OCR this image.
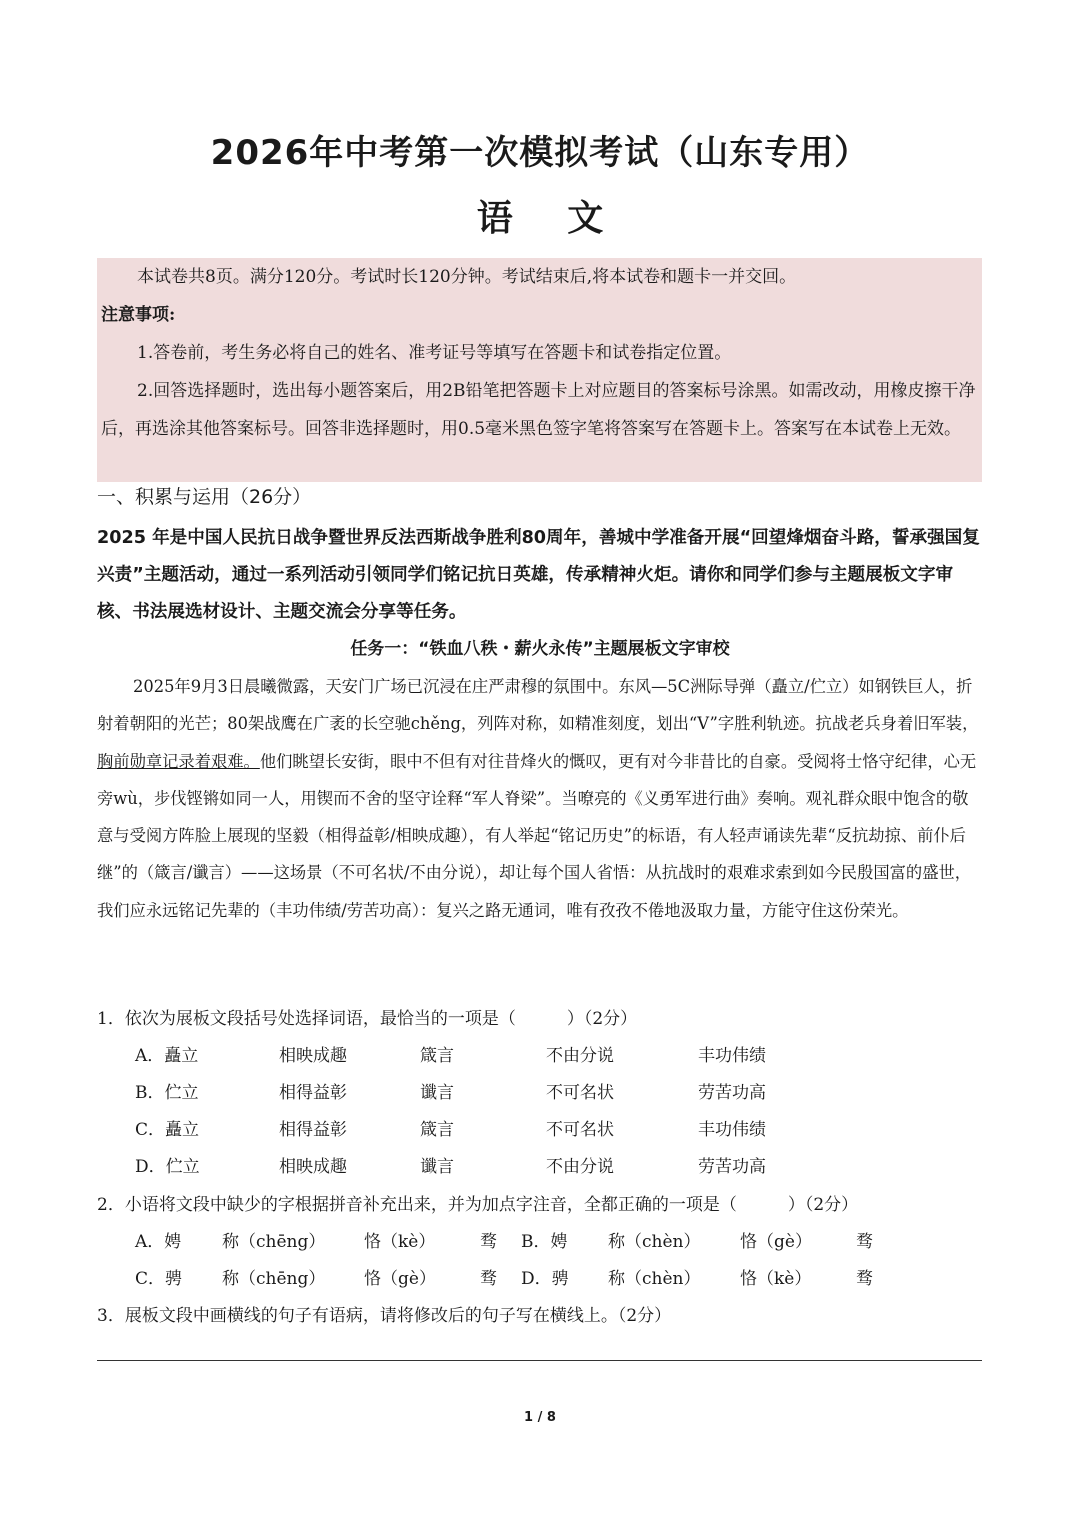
2026年中考第一次模拟考试（山东专用）
语 文

本试卷共8页。满分120分。考试时长120分钟。考试结束后,将本试卷和题卡一并交回。

注意事项:

1.答卷前，考生务必将自己的姓名、准考证号等填写在答题卡和试卷指定位置。

2.回答选择题时，选出每小题答案后，用2B铅笔把答题卡上对应题目的答案标号涂黑。如需改动，用橡皮擦干净后，再选涂其他答案标号。回答非选择题时，用0.5毫米黑色签字笔将答案写在答题卡上。答案写在本试卷上无效。

一、积累与运用（26分）

2025 年是中国人民抗日战争暨世界反法西斯战争胜利80周年，善城中学准备开展“回望烽烟奋斗路，誓承强国复兴责”主题活动，通过一系列活动引领同学们铭记抗日英雄，传承精神火炬。请你和同学们参与主题展板文字审核、书法展选材设计、主题交流会分享等任务。

任务一：“铁血八秩・薪火永传”主题展板文字审校

2025年9月3日晨曦微露，天安门广场已沉浸在庄严肃穆的氛围中。东风—5C洲际导弹（矗立/伫立）如钢铁巨人，折射着朝阳的光芒；80架战鹰在广袤的长空驰chěng，列阵对称，如精准刻度，划出“V”字胜利轨迹。抗战老兵身着旧军装，胸前勋章记录着艰难。他们眺望长安街，眼中不但有对往昔烽火的慨叹，更有对今非昔比的自豪。受阅将士恪守纪律，心无旁wù，步伐铿锵如同一人，用锲而不舍的坚守诠释“军人脊梁”。当嘹亮的《义勇军进行曲》奏响。观礼群众眼中饱含的敬意与受阅方阵脸上展现的坚毅（相得益彰/相映成趣），有人举起“铭记历史”的标语，有人轻声诵读先辈“反抗劫掠、前仆后继”的（箴言/谶言）——这场景（不可名状/不由分说），却让每个国人省悟：从抗战时的艰难求索到如今民殷国富的盛世，我们应永远铭记先辈的（丰功伟绩/劳苦功高）：复兴之路无通词，唯有孜孜不倦地汲取力量，方能守住这份荣光。

1．依次为展板文段括号处选择词语，最恰当的一项是（　　　）（2分）
A．矗立	相映成趣	箴言	不由分说	丰功伟绩
B．伫立	相得益彰	谶言	不可名状	劳苦功高
C．矗立	相得益彰	箴言	不可名状	丰功伟绩
D．伫立	相映成趣	谶言	不由分说	劳苦功高
2．小语将文段中缺少的字根据拼音补充出来，并为加点字注音，全都正确的一项是（　　　）（2分）
A．娉 称（chēng） 恪（kè）	骛 B．娉 称（chèn） 恪（gè）	骛
C．骋 称（chēng） 恪（gè）	骛 D．骋 称（chèn） 恪（kè）	骛
3．展板文段中画横线的句子有语病，请将修改后的句子写在横线上。（2分）
1 / 8
